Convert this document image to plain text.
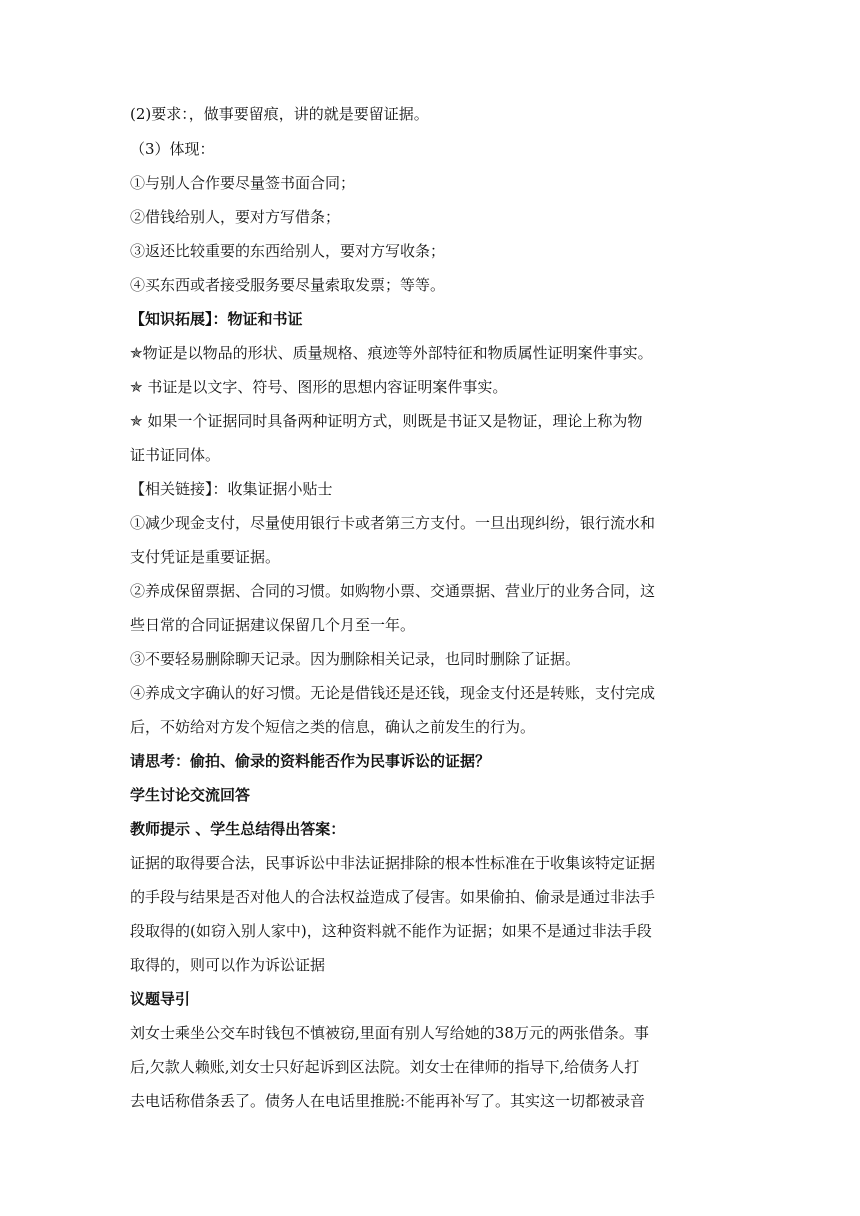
(2)要求：，做事要留痕，讲的就是要留证据。
（3）体现：
①与别人合作要尽量签书面合同；
②借钱给别人，要对方写借条；
③返还比较重要的东西给别人，要对方写收条；
④买东西或者接受服务要尽量索取发票；等等。
【知识拓展】：物证和书证
✯物证是以物品的形状、质量规格、痕迹等外部特征和物质属性证明案件事实。
✯ 书证是以文字、符号、图形的思想内容证明案件事实。
✯ 如果一个证据同时具备两种证明方式，则既是书证又是物证，理论上称为物
证书证同体。
【相关链接】：收集证据小贴士
①减少现金支付，尽量使用银行卡或者第三方支付。一旦出现纠纷，银行流水和
支付凭证是重要证据。
②养成保留票据、合同的习惯。如购物小票、交通票据、营业厅的业务合同，这
些日常的合同证据建议保留几个月至一年。
③不要轻易删除聊天记录。因为删除相关记录，也同时删除了证据。
④养成文字确认的好习惯。无论是借钱还是还钱，现金支付还是转账，支付完成
后，不妨给对方发个短信之类的信息，确认之前发生的行为。
请思考：偷拍、偷录的资料能否作为民事诉讼的证据？
学生讨论交流回答
教师提示 、学生总结得出答案：
证据的取得要合法，民事诉讼中非法证据排除的根本性标准在于收集该特定证据
的手段与结果是否对他人的合法权益造成了侵害。如果偷拍、偷录是通过非法手
段取得的(如窃入别人家中)，这种资料就不能作为证据；如果不是通过非法手段
取得的，则可以作为诉讼证据
议题导引
刘女士乘坐公交车时钱包不慎被窃,里面有别人写给她的38万元的两张借条。事
后,欠款人赖账,刘女士只好起诉到区法院。刘女士在律师的指导下,给债务人打
去电话称借条丢了。债务人在电话里推脱:不能再补写了。其实这一切都被录音
